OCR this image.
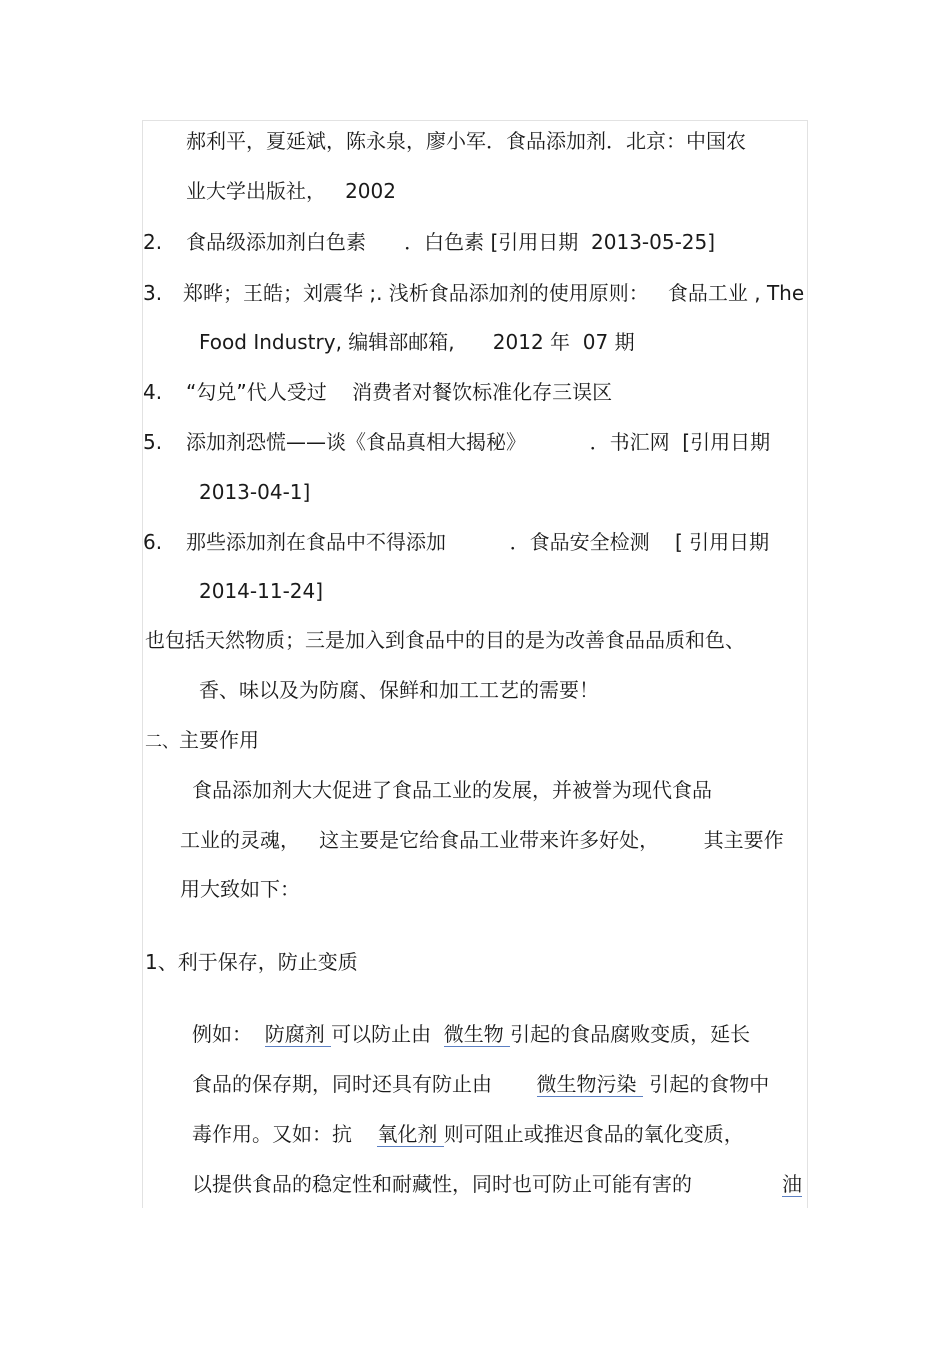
郝利平，夏延斌，陈永泉，廖小军．食品添加剂．北京：中国农
业大学出版社，   2002
2. 食品级添加剂白色素      ．白色素 [引用日期  2013-05-25]
3. 郑晔；王皓；刘震华 ;. 浅析食品添加剂的使用原则：   食品工业 , The
Food Industry, 编辑部邮箱,      2012 年  07 期
4. “勾兑”代人受过    消费者对餐饮标准化存三误区
5. 添加剂恐慌——谈《食品真相大揭秘》          ．书汇网  [引用日期
2013-04-1]
6. 那些添加剂在食品中不得添加          ．食品安全检测    [ 引用日期
2014-11-24]
也包括天然物质；三是加入到食品中的目的是为改善食品品质和色、
香、味以及为防腐、保鲜和加工工艺的需要！
二、主要作用
食品添加剂大大促进了食品工业的发展，并被誉为现代食品
工业的灵魂，   这主要是它给食品工业带来许多好处，       其主要作
用大致如下：
1、利于保存，防止变质
例如：  防腐剂 可以防止由  微生物 引起的食品腐败变质，延长
食品的保存期，同时还具有防止由       微生物污染  引起的食物中
毒作用。又如：抗    氧化剂 则可阻止或推迟食品的氧化变质，
以提供食品的稳定性和耐藏性，同时也可防止可能有害的	油
